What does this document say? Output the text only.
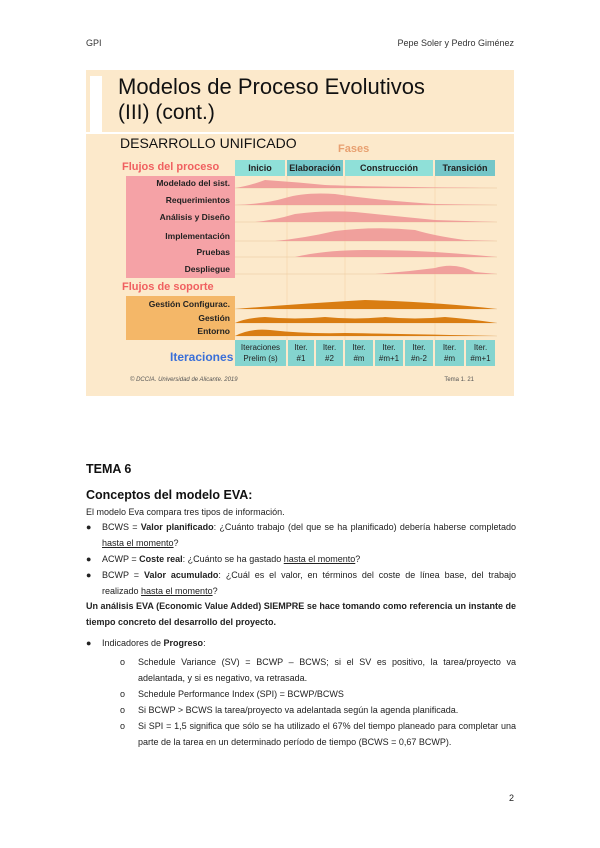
GPI	Pepe Soler y Pedro Giménez
Modelos de Proceso Evolutivos
(III) (cont.)
DESARROLLO UNIFICADO	Fases
Flujos del proceso	Inicio	Elaboración	Construcción	Transición
Modelado del sist.
Requerimientos
Análisis y Diseño
Implementación
Pruebas
Despliegue
Flujos de soporte
Gestión Configurac.
Gestión
Entorno
Iteraciones
Iteraciones
Prelim (s)
Iter.
#1
Iter.
#2
Iter.
#m
Iter.
#m+1
Iter.
#n-2
Iter.
#m
Iter.
#m+1
© DCCIA. Universidad de Alicante. 2019	Tema 1. 21
TEMA 6
Conceptos del modelo EVA:
El modelo Eva compara tres tipos de información.
● BCWS = Valor planificado: ¿Cuánto trabajo (del que se ha planificado) debería haberse completado hasta el momento?
● ACWP = Coste real: ¿Cuánto se ha gastado hasta el momento?
● BCWP = Valor acumulado: ¿Cuál es el valor, en términos del coste de línea base, del trabajo realizado hasta el momento?
Un análisis EVA (Economic Value Added) SIEMPRE se hace tomando como referencia un instante de tiempo concreto del desarrollo del proyecto.
● Indicadores de Progreso:
o Schedule Variance (SV) = BCWP – BCWS; si el SV es positivo, la tarea/proyecto va adelantada, y si es negativo, va retrasada.
o Schedule Performance Index (SPI) = BCWP/BCWS
o Si BCWP > BCWS la tarea/proyecto va adelantada según la agenda planificada.
o Si SPI = 1,5 significa que sólo se ha utilizado el 67% del tiempo planeado para completar una parte de la tarea en un determinado período de tiempo (BCWS = 0,67 BCWP).
2
